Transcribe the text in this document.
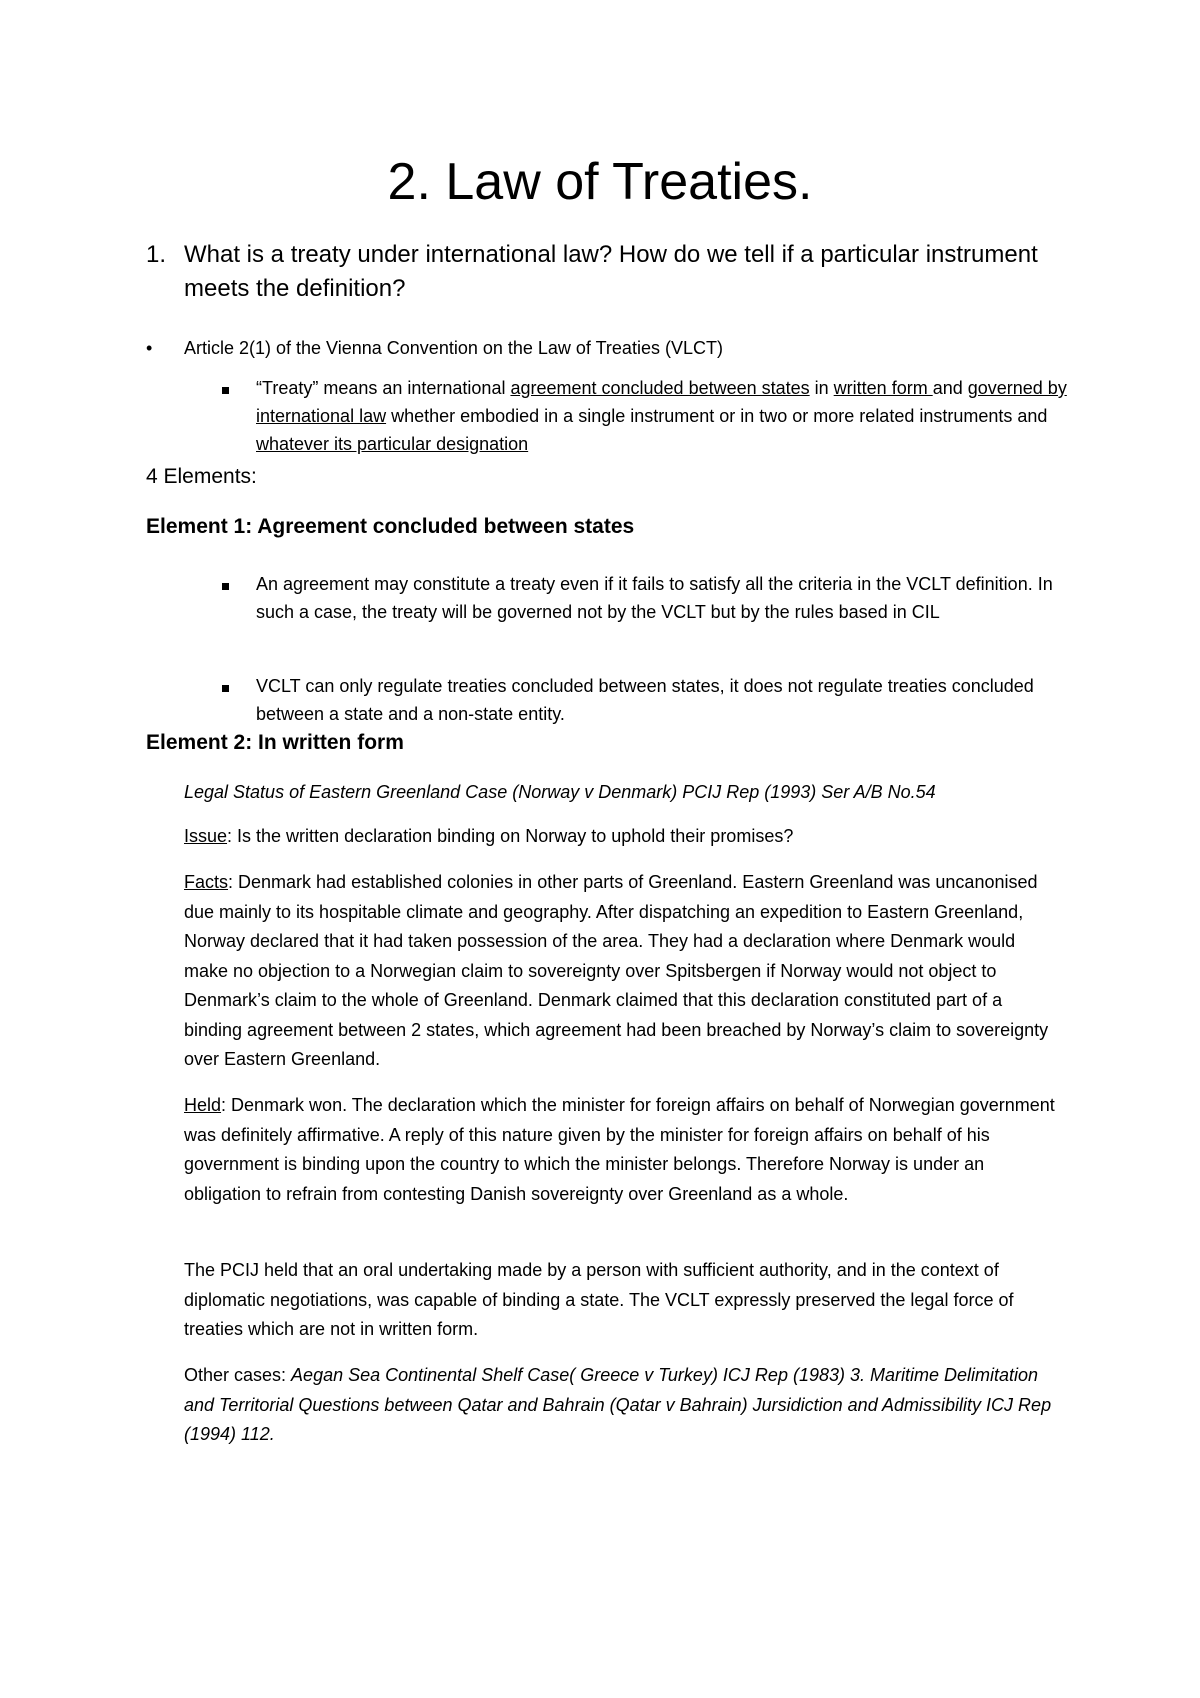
2. Law of Treaties.
1. What is a treaty under international law? How do we tell if a particular instrument meets the definition?
• Article 2(1) of the Vienna Convention on the Law of Treaties (VLCT)
“Treaty” means an international agreement concluded between states in written form and governed by international law whether embodied in a single instrument or in two or more related instruments and whatever its particular designation
4 Elements:
Element 1: Agreement concluded between states
An agreement may constitute a treaty even if it fails to satisfy all the criteria in the VCLT definition. In such a case, the treaty will be governed not by the VCLT but by the rules based in CIL
VCLT can only regulate treaties concluded between states, it does not regulate treaties concluded between a state and a non-state entity.
Element 2: In written form
Legal Status of Eastern Greenland Case (Norway v Denmark) PCIJ Rep (1993) Ser A/B No.54
Issue: Is the written declaration binding on Norway to uphold their promises?
Facts: Denmark had established colonies in other parts of Greenland. Eastern Greenland was uncanonised due mainly to its hospitable climate and geography. After dispatching an expedition to Eastern Greenland, Norway declared that it had taken possession of the area. They had a declaration where Denmark would make no objection to a Norwegian claim to sovereignty over Spitsbergen if Norway would not object to Denmark’s claim to the whole of Greenland. Denmark claimed that this declaration constituted part of a binding agreement between 2 states, which agreement had been breached by Norway’s claim to sovereignty over Eastern Greenland.
Held: Denmark won. The declaration which the minister for foreign affairs on behalf of Norwegian government was definitely affirmative. A reply of this nature given by the minister for foreign affairs on behalf of his government is binding upon the country to which the minister belongs. Therefore Norway is under an obligation to refrain from contesting Danish sovereignty over Greenland as a whole.
The PCIJ held that an oral undertaking made by a person with sufficient authority, and in the context of diplomatic negotiations, was capable of binding a state. The VCLT expressly preserved the legal force of treaties which are not in written form.
Other cases: Aegan Sea Continental Shelf Case( Greece v Turkey) ICJ Rep (1983) 3. Maritime Delimitation and Territorial Questions between Qatar and Bahrain (Qatar v Bahrain) Jursidiction and Admissibility ICJ Rep (1994) 112.
